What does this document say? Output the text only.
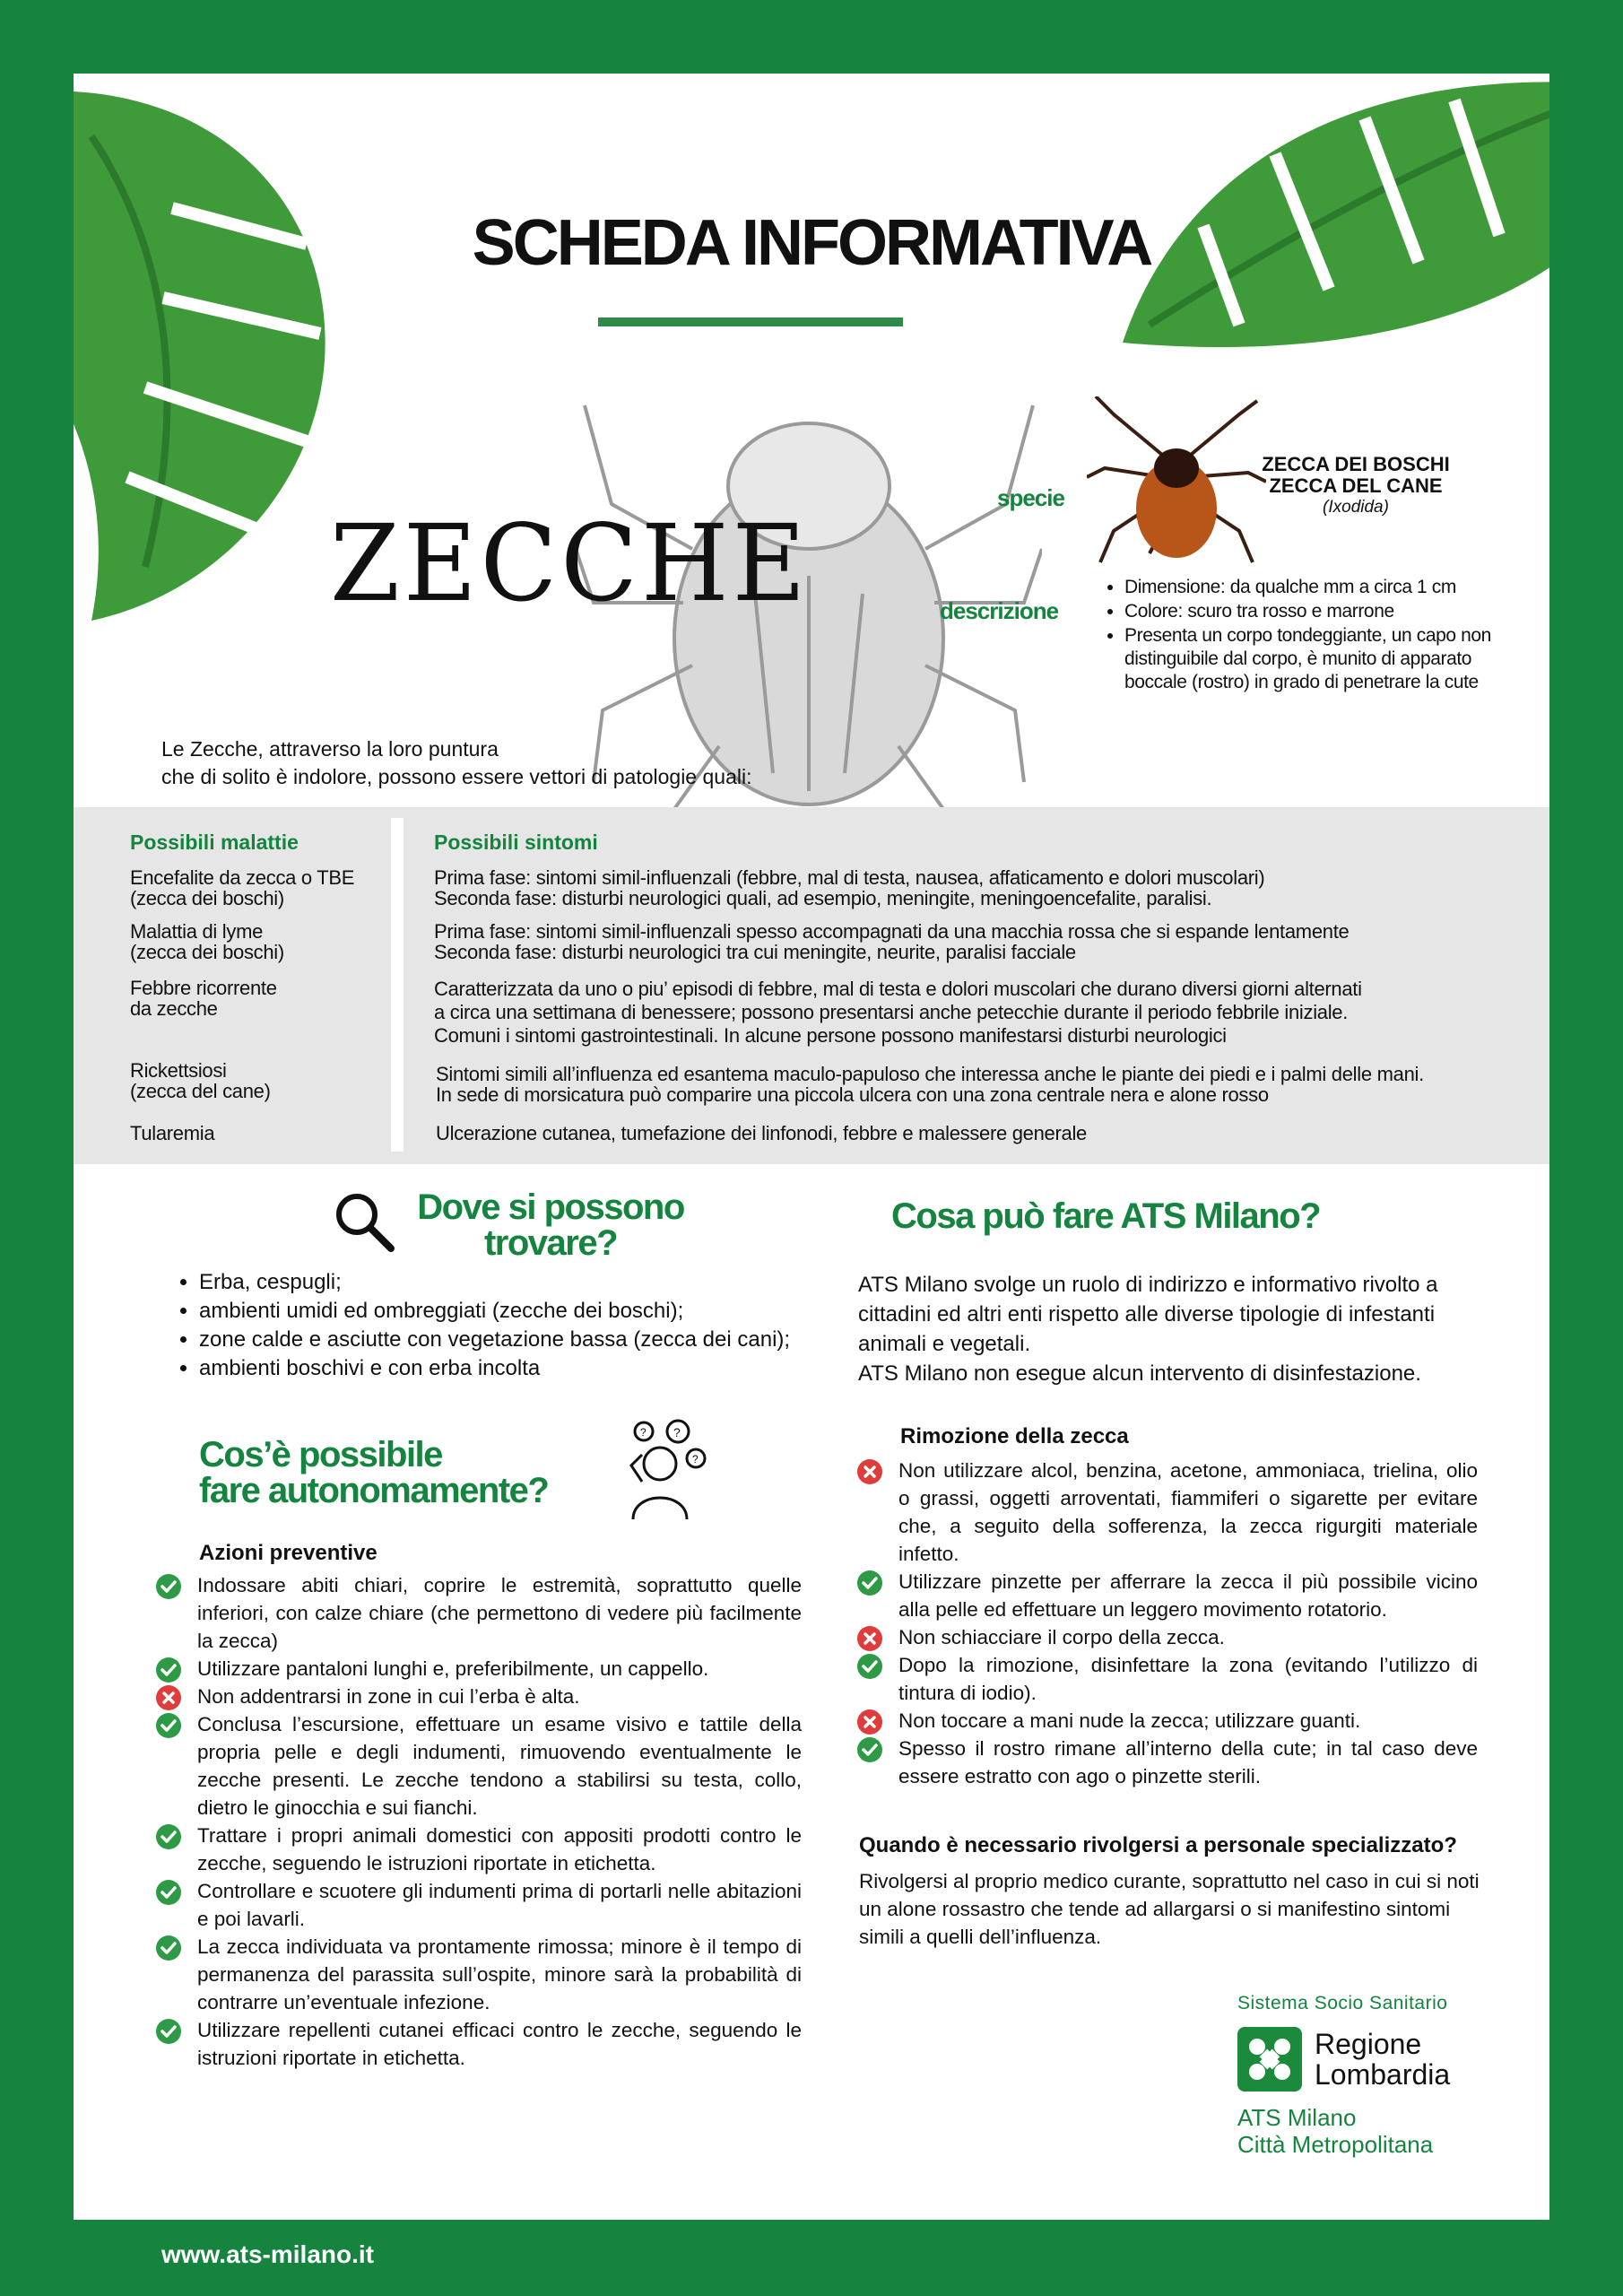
SCHEDA INFORMATIVA
ZECCHE
specie
descrizione
ZECCA DEI BOSCHI
ZECCA DEL CANE
(Ixodida)
• Dimensione: da qualche mm a circa 1 cm
• Colore: scuro tra rosso e marrone
• Presenta un corpo tondeggiante, un capo non distinguibile dal corpo, è munito di apparato boccale (rostro) in grado di penetrare la cute
Le Zecche, attraverso la loro puntura
che di solito è indolore, possono essere vettori di patologie quali:
Possibili malattie	Possibili sintomi
Encefalite da zecca o TBE
(zecca dei boschi)
Prima fase: sintomi simil-influenzali (febbre, mal di testa, nausea, affaticamento e dolori muscolari)
Seconda fase: disturbi neurologici quali, ad esempio, meningite, meningoencefalite, paralisi.
Malattia di lyme
(zecca dei boschi)
Prima fase: sintomi simil-influenzali spesso accompagnati da una macchia rossa che si espande lentamente
Seconda fase: disturbi neurologici tra cui meningite, neurite, paralisi facciale
Febbre ricorrente
da zecche
Caratterizzata da uno o piu’ episodi di febbre, mal di testa e dolori muscolari che durano diversi giorni alternati
a circa una settimana di benessere; possono presentarsi anche petecchie durante il periodo febbrile iniziale.
Comuni i sintomi gastrointestinali. In alcune persone possono manifestarsi disturbi neurologici
Rickettsiosi
(zecca del cane)
Sintomi simili all’influenza ed esantema maculo-papuloso che interessa anche le piante dei piedi e i palmi delle mani.
In sede di morsicatura può comparire una piccola ulcera con una zona centrale nera e alone rosso
Tularemia	Ulcerazione cutanea, tumefazione dei linfonodi, febbre e malessere generale
Dove si possono
trovare?
• Erba, cespugli;
• ambienti umidi ed ombreggiati (zecche dei boschi);
• zone calde e asciutte con vegetazione bassa (zecca dei cani);
• ambienti boschivi e con erba incolta
Cos’è possibile
fare autonomamente?
? ?
?
Azioni preventive
Indossare abiti chiari, coprire le estremità, soprattutto quelle inferiori, con calze chiare (che permettono di vedere più facilmente la zecca)
Utilizzare pantaloni lunghi e, preferibilmente, un cappello.
Non addentrarsi in zone in cui l’erba è alta.
Conclusa l’escursione, effettuare un esame visivo e tattile della propria pelle e degli indumenti, rimuovendo eventualmente le zecche presenti. Le zecche tendono a stabilirsi su testa, collo, dietro le ginocchia e sui fianchi.
Trattare i propri animali domestici con appositi prodotti contro le zecche, seguendo le istruzioni riportate in etichetta.
Controllare e scuotere gli indumenti prima di portarli nelle abitazioni e poi lavarli.
La zecca individuata va prontamente rimossa; minore è il tempo di permanenza del parassita sull’ospite, minore sarà la probabilità di contrarre un’eventuale infezione.
Utilizzare repellenti cutanei efficaci contro le zecche, seguendo le istruzioni riportate in etichetta.
Cosa può fare ATS Milano?
ATS Milano svolge un ruolo di indirizzo e informativo rivolto a cittadini ed altri enti rispetto alle diverse tipologie di infestanti animali e vegetali.
ATS Milano non esegue alcun intervento di disinfestazione.
Rimozione della zecca
Non utilizzare alcol, benzina, acetone, ammoniaca, trielina, olio o grassi, oggetti arroventati, fiammiferi o sigarette per evitare che, a seguito della sofferenza, la zecca rigurgiti materiale infetto.
Utilizzare pinzette per afferrare la zecca il più possibile vicino alla pelle ed effettuare un leggero movimento rotatorio.
Non schiacciare il corpo della zecca.
Dopo la rimozione, disinfettare la zona (evitando l’utilizzo di tintura di iodio).
Non toccare a mani nude la zecca; utilizzare guanti.
Spesso il rostro rimane all’interno della cute; in tal caso deve essere estratto con ago o pinzette sterili.
Quando è necessario rivolgersi a personale specializzato?
Rivolgersi al proprio medico curante, soprattutto nel caso in cui si noti un alone rossastro che tende ad allargarsi o si manifestino sintomi simili a quelli dell’influenza.
Sistema Socio Sanitario
Regione
Lombardia
ATS Milano
Città Metropolitana
www.ats-milano.it
